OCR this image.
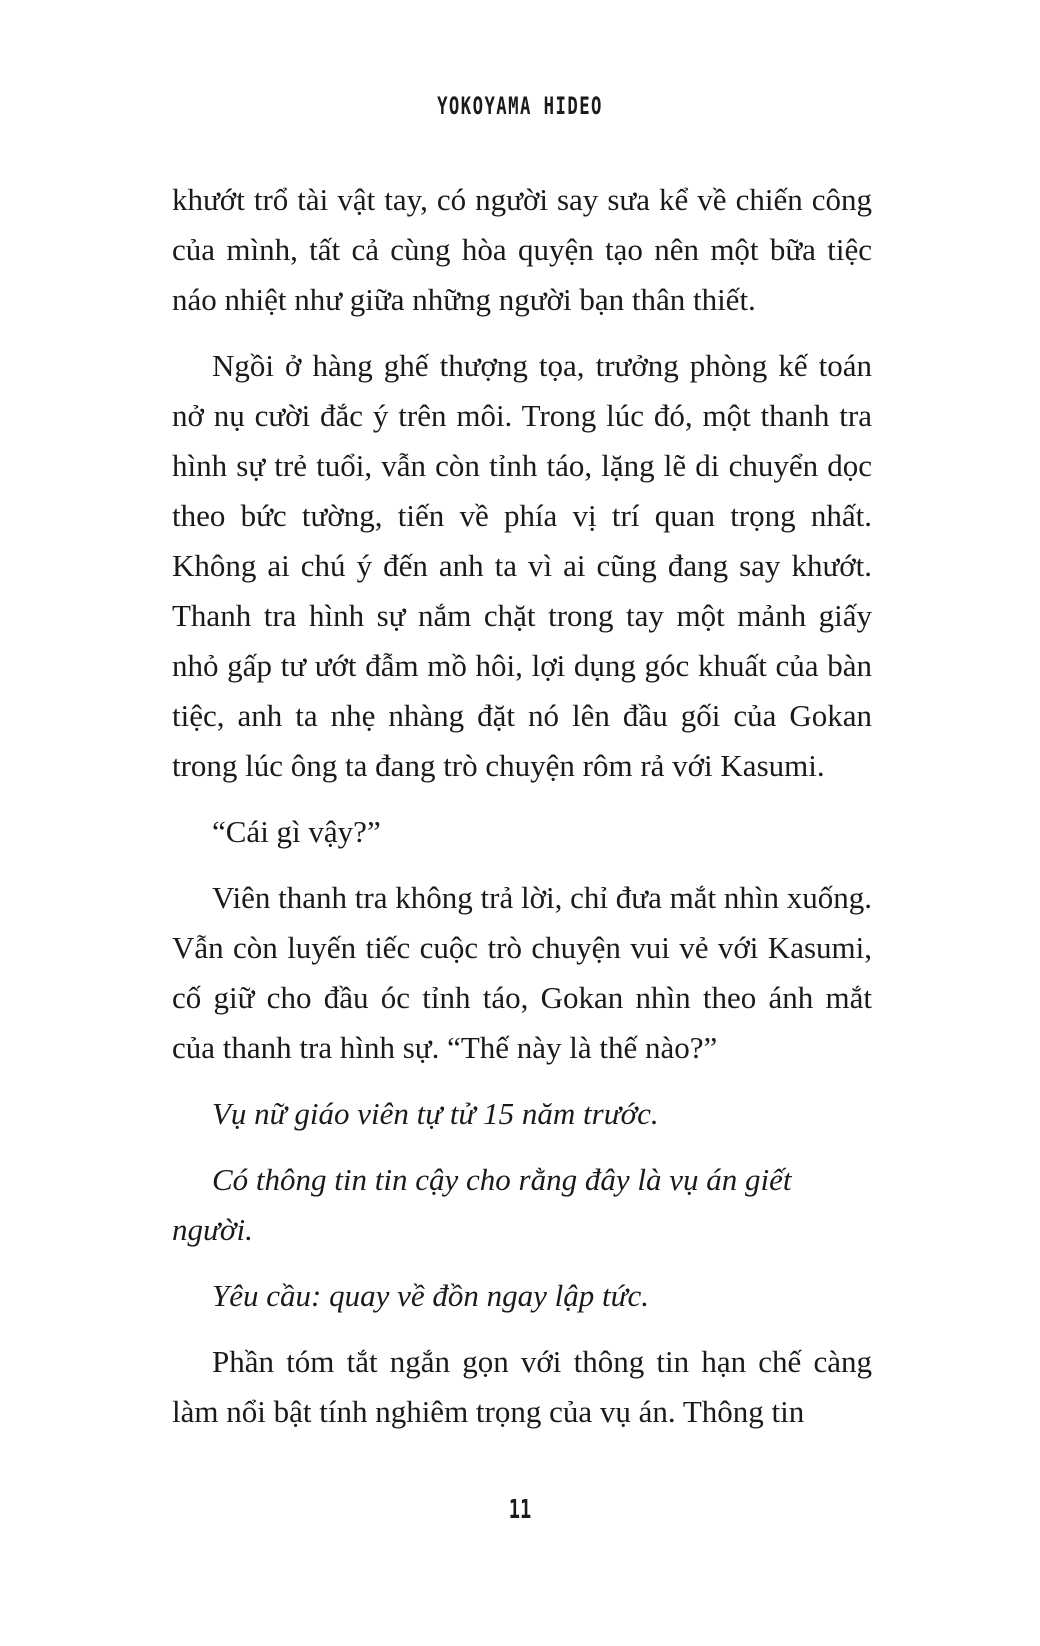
YOKOYAMA HIDEO

khướt trổ tài vật tay, có người say sưa kể về chiến công của mình, tất cả cùng hòa quyện tạo nên một bữa tiệc náo nhiệt như giữa những người bạn thân thiết.

Ngồi ở hàng ghế thượng tọa, trưởng phòng kế toán nở nụ cười đắc ý trên môi. Trong lúc đó, một thanh tra hình sự trẻ tuổi, vẫn còn tỉnh táo, lặng lẽ di chuyển dọc theo bức tường, tiến về phía vị trí quan trọng nhất. Không ai chú ý đến anh ta vì ai cũng đang say khướt. Thanh tra hình sự nắm chặt trong tay một mảnh giấy nhỏ gấp tư ướt đẫm mồ hôi, lợi dụng góc khuất của bàn tiệc, anh ta nhẹ nhàng đặt nó lên đầu gối của Gokan trong lúc ông ta đang trò chuyện rôm rả với Kasumi.

“Cái gì vậy?”

Viên thanh tra không trả lời, chỉ đưa mắt nhìn xuống. Vẫn còn luyến tiếc cuộc trò chuyện vui vẻ với Kasumi, cố giữ cho đầu óc tỉnh táo, Gokan nhìn theo ánh mắt của thanh tra hình sự. “Thế này là thế nào?”

Vụ nữ giáo viên tự tử 15 năm trước.

Có thông tin tin cậy cho rằng đây là vụ án giết người.

Yêu cầu: quay về đồn ngay lập tức.

Phần tóm tắt ngắn gọn với thông tin hạn chế càng làm nổi bật tính nghiêm trọng của vụ án. Thông tin

11
